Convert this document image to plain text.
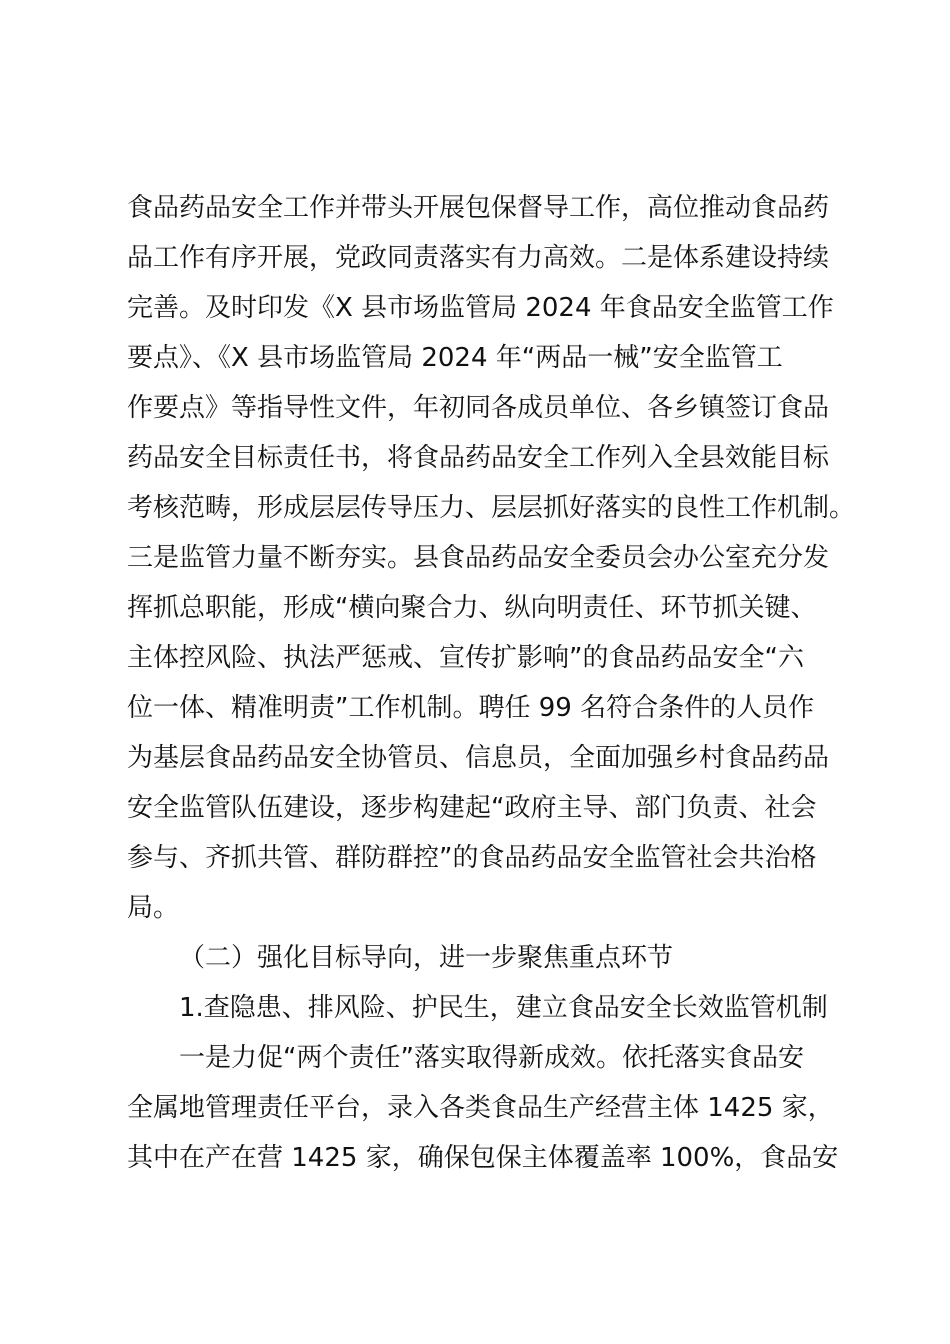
食品药品安全工作并带头开展包保督导工作，高位推动食品药
品工作有序开展，党政同责落实有力高效。二是体系建设持续
完善。及时印发《X 县市场监管局 2024 年食品安全监管工作
要点》、《X 县市场监管局 2024 年“两品一械”安全监管工
作要点》等指导性文件，年初同各成员单位、各乡镇签订食品
药品安全目标责任书，将食品药品安全工作列入全县效能目标
考核范畴，形成层层传导压力、层层抓好落实的良性工作机制。
三是监管力量不断夯实。县食品药品安全委员会办公室充分发
挥抓总职能，形成“横向聚合力、纵向明责任、环节抓关键、
主体控风险、执法严惩戒、宣传扩影响”的食品药品安全“六
位一体、精准明责”工作机制。聘任 99 名符合条件的人员作
为基层食品药品安全协管员、信息员，全面加强乡村食品药品
安全监管队伍建设，逐步构建起“政府主导、部门负责、社会
参与、齐抓共管、群防群控”的食品药品安全监管社会共治格
局。
（二）强化目标导向，进一步聚焦重点环节
1.查隐患、排风险、护民生，建立食品安全长效监管机制
一是力促“两个责任”落实取得新成效。依托落实食品安
全属地管理责任平台，录入各类食品生产经营主体 1425 家，
其中在产在营 1425 家，确保包保主体覆盖率 100%，食品安
